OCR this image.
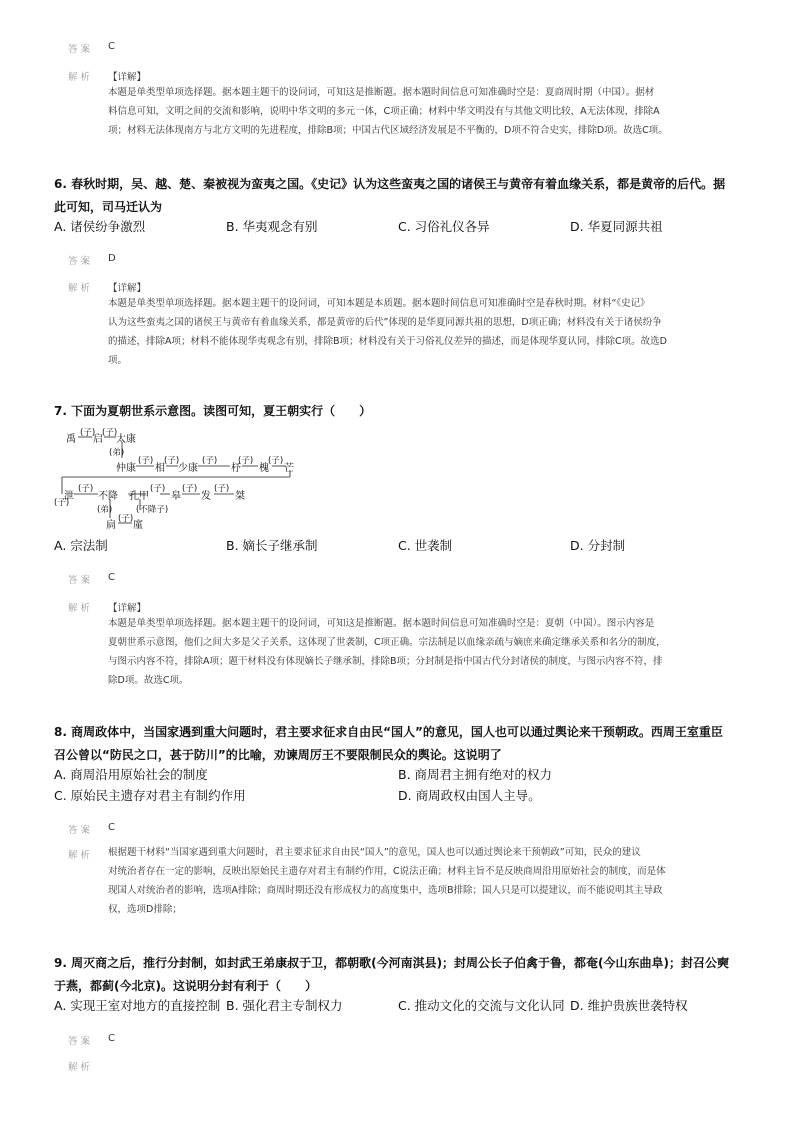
答案 C
解析 【详解】
本题是单类型单项选择题。据本题主题干的设问词，可知这是推断题。据本题时间信息可知准确时空是：夏商周时期（中国）。据材
料信息可知，文明之间的交流和影响，说明中华文明的多元一体，C项正确；材料中华文明没有与其他文明比较，A无法体现，排除A
项；材料无法体现南方与北方文明的先进程度，排除B项；中国古代区域经济发展是不平衡的，D项不符合史实，排除D项。故选C项。
6. 春秋时期，吴、越、楚、秦被视为蛮夷之国。《史记》认为这些蛮夷之国的诸侯王与黄帝有着血缘关系，都是黄帝的后代。据
此可知，司马迁认为
A. 诸侯纷争激烈	B. 华夷观念有别	C. 习俗礼仪各异	D. 华夏同源共祖
答案 D
解析 【详解】
本题是单类型单项选择题。据本题主题干的设问词，可知本题是本质题。据本题时间信息可知准确时空是春秋时期。材料“《史记》
认为这些蛮夷之国的诸侯王与黄帝有着血缘关系，都是黄帝的后代”体现的是华夏同源共祖的思想，D项正确；材料没有关于诸侯纷争
的描述，排除A项；材料不能体现华夷观念有别，排除B项；材料没有关于习俗礼仪差异的描述，而是体现华夏认同，排除C项。故选D
项。
7. 下面为夏朝世系示意图。读图可知，夏王朝实行（　　）
禹
(子)
启
(子)
太康
(弟)
仲康
(子)
相
(子)
少康
(子)
杼
(子)
槐
(子)
芒
(子)
泄
(子)
不降 孔甲
(子)
皋
(子)
发
(子)
桀
(弟)	(不降子)
扃
(子)
廑
A. 宗法制	B. 嫡长子继承制	C. 世袭制	D. 分封制
答案 C
解析 【详解】
本题是单类型单项选择题。据本题主题干的设问词，可知这是推断题。据本题时间信息可知准确时空是：夏朝（中国）。图示内容是
夏朝世系示意图，他们之间大多是父子关系，这体现了世袭制，C项正确。宗法制是以血缘亲疏与嫡庶来确定继承关系和名分的制度，
与图示内容不符，排除A项；题干材料没有体现嫡长子继承制，排除B项；分封制是指中国古代分封诸侯的制度，与图示内容不符，排
除D项。故选C项。
8. 商周政体中，当国家遇到重大问题时，君主要求征求自由民“国人”的意见，国人也可以通过舆论来干预朝政。西周王室重臣
召公曾以“防民之口，甚于防川”的比喻，劝谏周厉王不要限制民众的舆论。这说明了
A. 商周沿用原始社会的制度	B. 商周君主拥有绝对的权力
C. 原始民主遗存对君主有制约作用	D. 商周政权由国人主导。
答案 C
解析 根据题干材料“当国家遇到重大问题时，君主要求征求自由民“国人”的意见，国人也可以通过舆论来干预朝政”可知，民众的建议
对统治者存在一定的影响，反映出原始民主遗存对君主有制约作用，C说法正确；材料主旨不是反映商周沿用原始社会的制度，而是体
现国人对统治者的影响，选项A排除；商周时期还没有形成权力的高度集中，选项B排除；国人只是可以提建议，而不能说明其主导政
权，选项D排除；
9. 周灭商之后，推行分封制，如封武王弟康叔于卫，都朝歌(今河南淇县)；封周公长子伯禽于鲁，都奄(今山东曲阜)；封召公奭
于燕，都蓟(今北京)。这说明分封有利于（　　）
A. 实现王室对地方的直接控制 B. 强化君主专制权力	C. 推动文化的交流与文化认同 D. 维护贵族世袭特权
答案 C
解析
